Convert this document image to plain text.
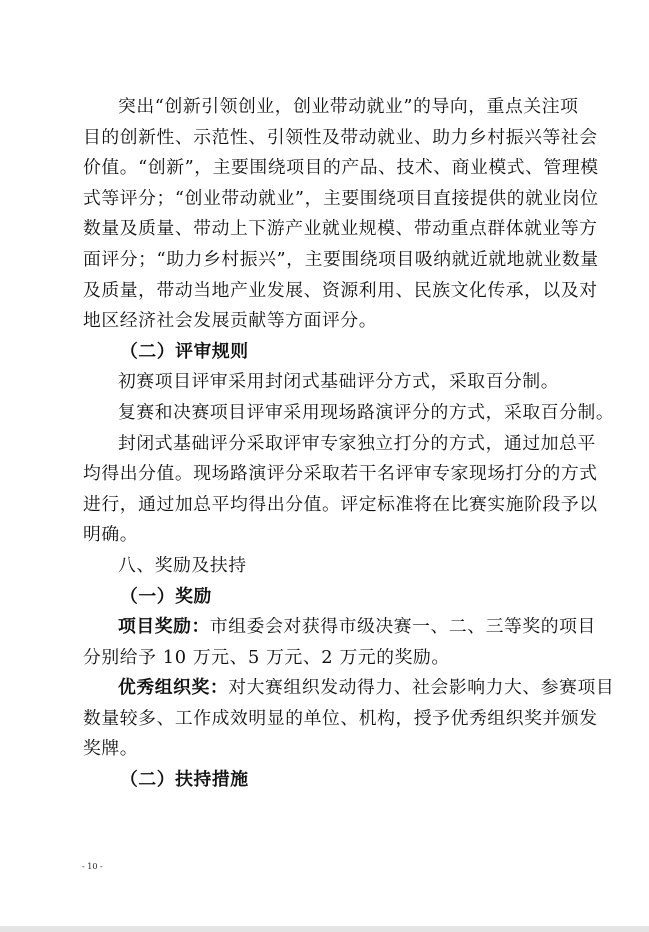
突出“创新引领创业，创业带动就业”的导向，重点关注项
目的创新性、示范性、引领性及带动就业、助力乡村振兴等社会
价值。“创新”，主要围绕项目的产品、技术、商业模式、管理模
式等评分；“创业带动就业”，主要围绕项目直接提供的就业岗位
数量及质量、带动上下游产业就业规模、带动重点群体就业等方
面评分；“助力乡村振兴”，主要围绕项目吸纳就近就地就业数量
及质量，带动当地产业发展、资源利用、民族文化传承，以及对
地区经济社会发展贡献等方面评分。
（二）评审规则
初赛项目评审采用封闭式基础评分方式，采取百分制。
复赛和决赛项目评审采用现场路演评分的方式，采取百分制。
封闭式基础评分采取评审专家独立打分的方式，通过加总平
均得出分值。现场路演评分采取若干名评审专家现场打分的方式
进行，通过加总平均得出分值。评定标准将在比赛实施阶段予以
明确。
八、奖励及扶持
（一）奖励
项目奖励：市组委会对获得市级决赛一、二、三等奖的项目
分别给予 10 万元、5 万元、2 万元的奖励。
优秀组织奖：对大赛组织发动得力、社会影响力大、参赛项目
数量较多、工作成效明显的单位、机构，授予优秀组织奖并颁发
奖牌。
（二）扶持措施
- 10 -
